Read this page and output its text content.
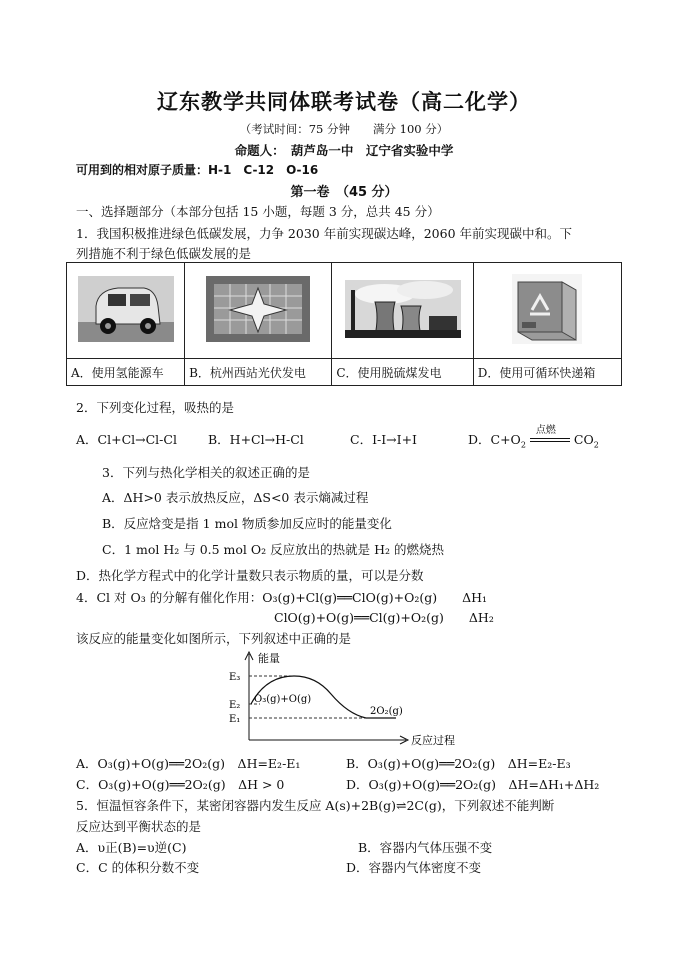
辽东教学共同体联考试卷（高二化学）
（考试时间：75 分钟　　满分 100 分）
命题人：　葫芦岛一中　辽宁省实验中学
可用到的相对原子质量：H-1　C-12　O-16
第一卷　（45 分）
一、选择题部分（本部分包括 15 小题，每题 3 分，总共 45 分）
1．我国积极推进绿色低碳发展，力争 2030 年前实现碳达峰，2060 年前实现碳中和。下
列措施不利于绿色低碳发展的是

A．使用氢能源车	B．杭州西站光伏发电	C．使用脱硫煤发电	D．使用可循环快递箱
2．下列变化过程，吸热的是
A．Cl+Cl→Cl-Cl B．H+Cl→H-Cl	C．I-I→I+I	D．$C+O_2$
点燃
$CO_2$
3．下列与热化学相关的叙述正确的是
A．ΔH>0 表示放热反应，ΔS<0 表示熵减过程
B．反应焓变是指 1 mol 物质参加反应时的能量变化
C．1 mol H₂ 与 0.5 mol O₂ 反应放出的热就是 H₂ 的燃烧热
D．热化学方程式中的化学计量数只表示物质的量，可以是分数
4．Cl 对 O₃ 的分解有催化作用：O₃(g)+Cl(g)══ClO(g)+O₂(g)　　ΔH₁
ClO(g)+O(g)══Cl(g)+O₂(g)　　ΔH₂
该反应的能量变化如图所示，下列叙述中正确的是
能量
E₃
E₂
E₁
O₃(g)+O(g)
2O₂(g)
反应过程
A．O₃(g)+O(g)══2O₂(g)　ΔH=E₂-E₁	B．O₃(g)+O(g)══2O₂(g)　ΔH=E₂-E₃
C．O₃(g)+O(g)══2O₂(g)　ΔH > 0	D．O₃(g)+O(g)══2O₂(g)　ΔH=ΔH₁+ΔH₂
5．恒温恒容条件下，某密闭容器内发生反应 A(s)+2B(g)⇌2C(g)，下列叙述不能判断
反应达到平衡状态的是
A．υ正(B)=υ逆(C)	B．容器内气体压强不变
C．C 的体积分数不变	D．容器内气体密度不变
